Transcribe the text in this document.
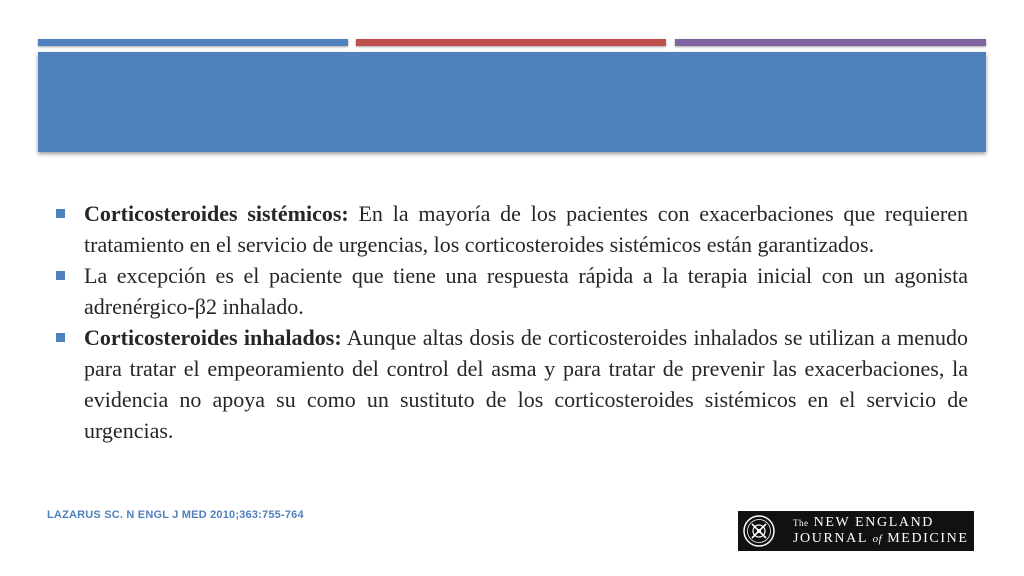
Corticosteroides sistémicos: En la mayoría de los pacientes con exacerbaciones que requieren tratamiento en el servicio de urgencias, los corticosteroides sistémicos están garantizados.
La excepción es el paciente que tiene una respuesta rápida a la terapia inicial con un agonista adrenérgico-β2 inhalado.
Corticosteroides inhalados: Aunque altas dosis de corticosteroides inhalados se utilizan a menudo para tratar el empeoramiento del control del asma y para tratar de prevenir las exacerbaciones, la evidencia no apoya su como un sustituto de los corticosteroides sistémicos en el servicio de urgencias.
LAZARUS SC. N ENGL J MED 2010;363:755-764
The NEW ENGLAND
JOURNAL of MEDICINE
